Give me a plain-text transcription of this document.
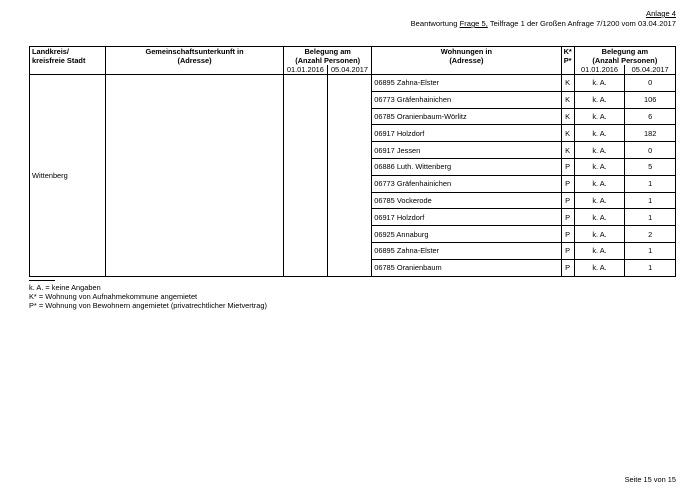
Anlage 4
Beantwortung Frage 5, Teilfrage 1 der Großen Anfrage 7/1200 vom 03.04.2017
Landkreis/	Gemeinschaftsunterkunft in	Belegung am		Wohnungen in	K*	Belegung am	
kreisfreie Stadt	(Adresse)	(Anzahl Personen)		(Adresse)	P*	(Anzahl Personen)	
		01.01.2016	05.04.2017			01.01.2016	05.04.2017
Wittenberg				06895 Zahna-Elster	K	k. A.	0
				06773 Gräfenhainichen	K	k. A.	106
				06785 Oranienbaum-Wörlitz	K	k. A.	6
				06917 Holzdorf	K	k. A.	182
				06917 Jessen	K	k. A.	0
				06886 Luth. Wittenberg	P	k. A.	5
				06773 Gräfenhainichen	P	k. A.	1
				06785 Vockerode	P	k. A.	1
				06917 Holzdorf	P	k. A.	1
				06925 Annaburg	P	k. A.	2
				06895 Zahna-Elster	P	k. A.	1
				06785 Oranienbaum	P	k. A.	1
k. A. = keine Angaben
K* = Wohnung von Aufnahmekommune angemietet
P* = Wohnung von Bewohnern angemietet (privatrechtlicher Mietvertrag)
Seite 15 von 15
